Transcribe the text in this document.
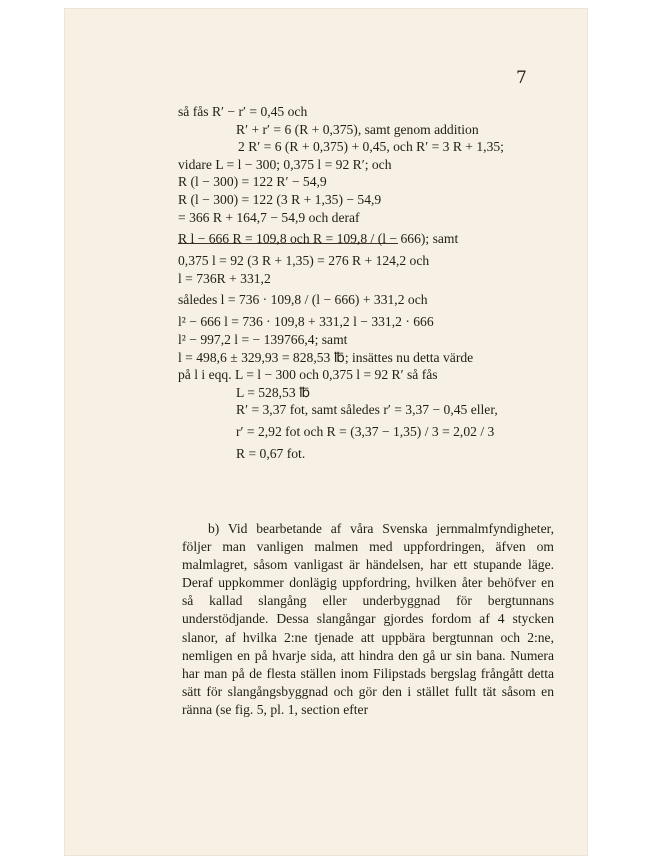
7
så fås R′ − r′ = 0,45 och
R′ + r′ = 6 (R + 0,375), samt genom addition
2 R′ = 6 (R + 0,375) + 0,45, och R′ = 3 R + 1,35;
vidare L = l − 300; 0,375 l = 92 R′; och
R (l − 300) = 122 R′ − 54,9
R (l − 300) = 122 (3 R + 1,35) − 54,9
= 366 R + 164,7 − 54,9 och deraf
R l − 666 R = 109,8 och R = 109,8 / (l − 666); samt
0,375 l = 92 (3 R + 1,35) = 276 R + 124,2 och
l = 736R + 331,2
således l = 736 · 109,8 / (l − 666) + 331,2 och
l² − 666 l = 736 · 109,8 + 331,2 l − 331,2 · 666
l² − 997,2 l = − 139766,4; samt
l = 498,6 ± 329,93 = 828,53 ℔; insättes nu detta värde
på l i eqq. L = l − 300 och 0,375 l = 92 R′ så fås
L = 528,53 ℔
R′ = 3,37 fot, samt således r′ = 3,37 − 0,45 eller,
r′ = 2,92 fot och R = (3,37 − 1,35) / 3 = 2,02 / 3
R = 0,67 fot.

b) Vid bearbetande af våra Svenska jernmalmfyndigheter, följer man vanligen malmen med uppfordringen, äfven om malmlagret, såsom vanligast är händelsen, har ett stupande läge. Deraf uppkommer donlägig uppfordring, hvilken åter behöfver en så kallad slangång eller underbyggnad för bergtunnans understödjande. Dessa slangångar gjordes fordom af 4 stycken slanor, af hvilka 2:ne tjenade att uppbära bergtunnan och 2:ne, nemligen en på hvarje sida, att hindra den gå ur sin bana. Numera har man på de flesta ställen inom Filipstads bergslag frångått detta sätt för slangångsbyggnad och gör den i stället fullt tät såsom en ränna (se fig. 5, pl. 1, section efter
